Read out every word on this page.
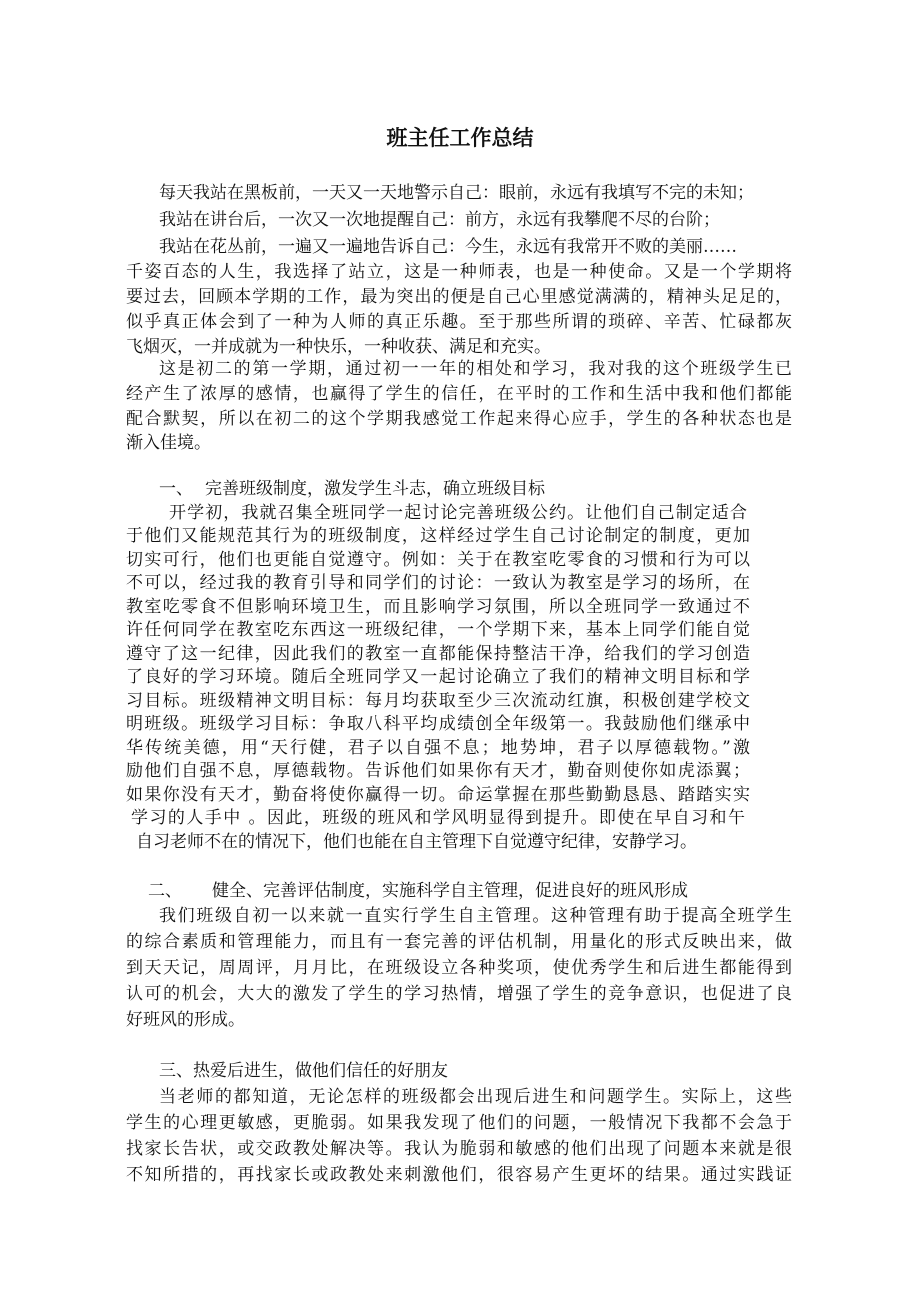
班主任工作总结
每天我站在黑板前，一天又一天地警示自己：眼前，永远有我填写不完的未知；
我站在讲台后，一次又一次地提醒自己：前方，永远有我攀爬不尽的台阶；
我站在花丛前，一遍又一遍地告诉自己：今生，永远有我常开不败的美丽……
千姿百态的人生，我选择了站立，这是一种师表，也是一种使命。又是一个学期将
要过去，回顾本学期的工作，最为突出的便是自己心里感觉满满的，精神头足足的，
似乎真正体会到了一种为人师的真正乐趣。至于那些所谓的琐碎、辛苦、忙碌都灰
飞烟灭，一并成就为一种快乐，一种收获、满足和充实。
这是初二的第一学期，通过初一一年的相处和学习，我对我的这个班级学生已
经产生了浓厚的感情，也赢得了学生的信任，在平时的工作和生活中我和他们都能
配合默契，所以在初二的这个学期我感觉工作起来得心应手，学生的各种状态也是
渐入佳境。
一、 完善班级制度，激发学生斗志，确立班级目标
开学初，我就召集全班同学一起讨论完善班级公约。让他们自己制定适合
于他们又能规范其行为的班级制度，这样经过学生自己讨论制定的制度，更加
切实可行，他们也更能自觉遵守。例如：关于在教室吃零食的习惯和行为可以
不可以，经过我的教育引导和同学们的讨论：一致认为教室是学习的场所，在
教室吃零食不但影响环境卫生，而且影响学习氛围，所以全班同学一致通过不
许任何同学在教室吃东西这一班级纪律，一个学期下来，基本上同学们能自觉
遵守了这一纪律，因此我们的教室一直都能保持整洁干净，给我们的学习创造
了良好的学习环境。随后全班同学又一起讨论确立了我们的精神文明目标和学
习目标。班级精神文明目标：每月均获取至少三次流动红旗，积极创建学校文
明班级。班级学习目标：争取八科平均成绩创全年级第一。我鼓励他们继承中
华传统美德，用“天行健，君子以自强不息；地势坤，君子以厚德载物。”激
励他们自强不息，厚德载物。告诉他们如果你有天才，勤奋则使你如虎添翼；
如果你没有天才，勤奋将使你赢得一切。命运掌握在那些勤勤恳恳、踏踏实实
学习的人手中 。因此，班级的班风和学风明显得到提升。即使在早自习和午
自习老师不在的情况下，他们也能在自主管理下自觉遵守纪律，安静学习。
二、 健全、完善评估制度，实施科学自主管理，促进良好的班风形成
我们班级自初一以来就一直实行学生自主管理。这种管理有助于提高全班学生
的综合素质和管理能力，而且有一套完善的评估机制，用量化的形式反映出来，做
到天天记，周周评，月月比，在班级设立各种奖项，使优秀学生和后进生都能得到
认可的机会，大大的激发了学生的学习热情，增强了学生的竞争意识，也促进了良
好班风的形成。
三、热爱后进生，做他们信任的好朋友
当老师的都知道，无论怎样的班级都会出现后进生和问题学生。实际上，这些
学生的心理更敏感，更脆弱。如果我发现了他们的问题，一般情况下我都不会急于
找家长告状，或交政教处解决等。我认为脆弱和敏感的他们出现了问题本来就是很
不知所措的，再找家长或政教处来刺激他们，很容易产生更坏的结果。通过实践证
